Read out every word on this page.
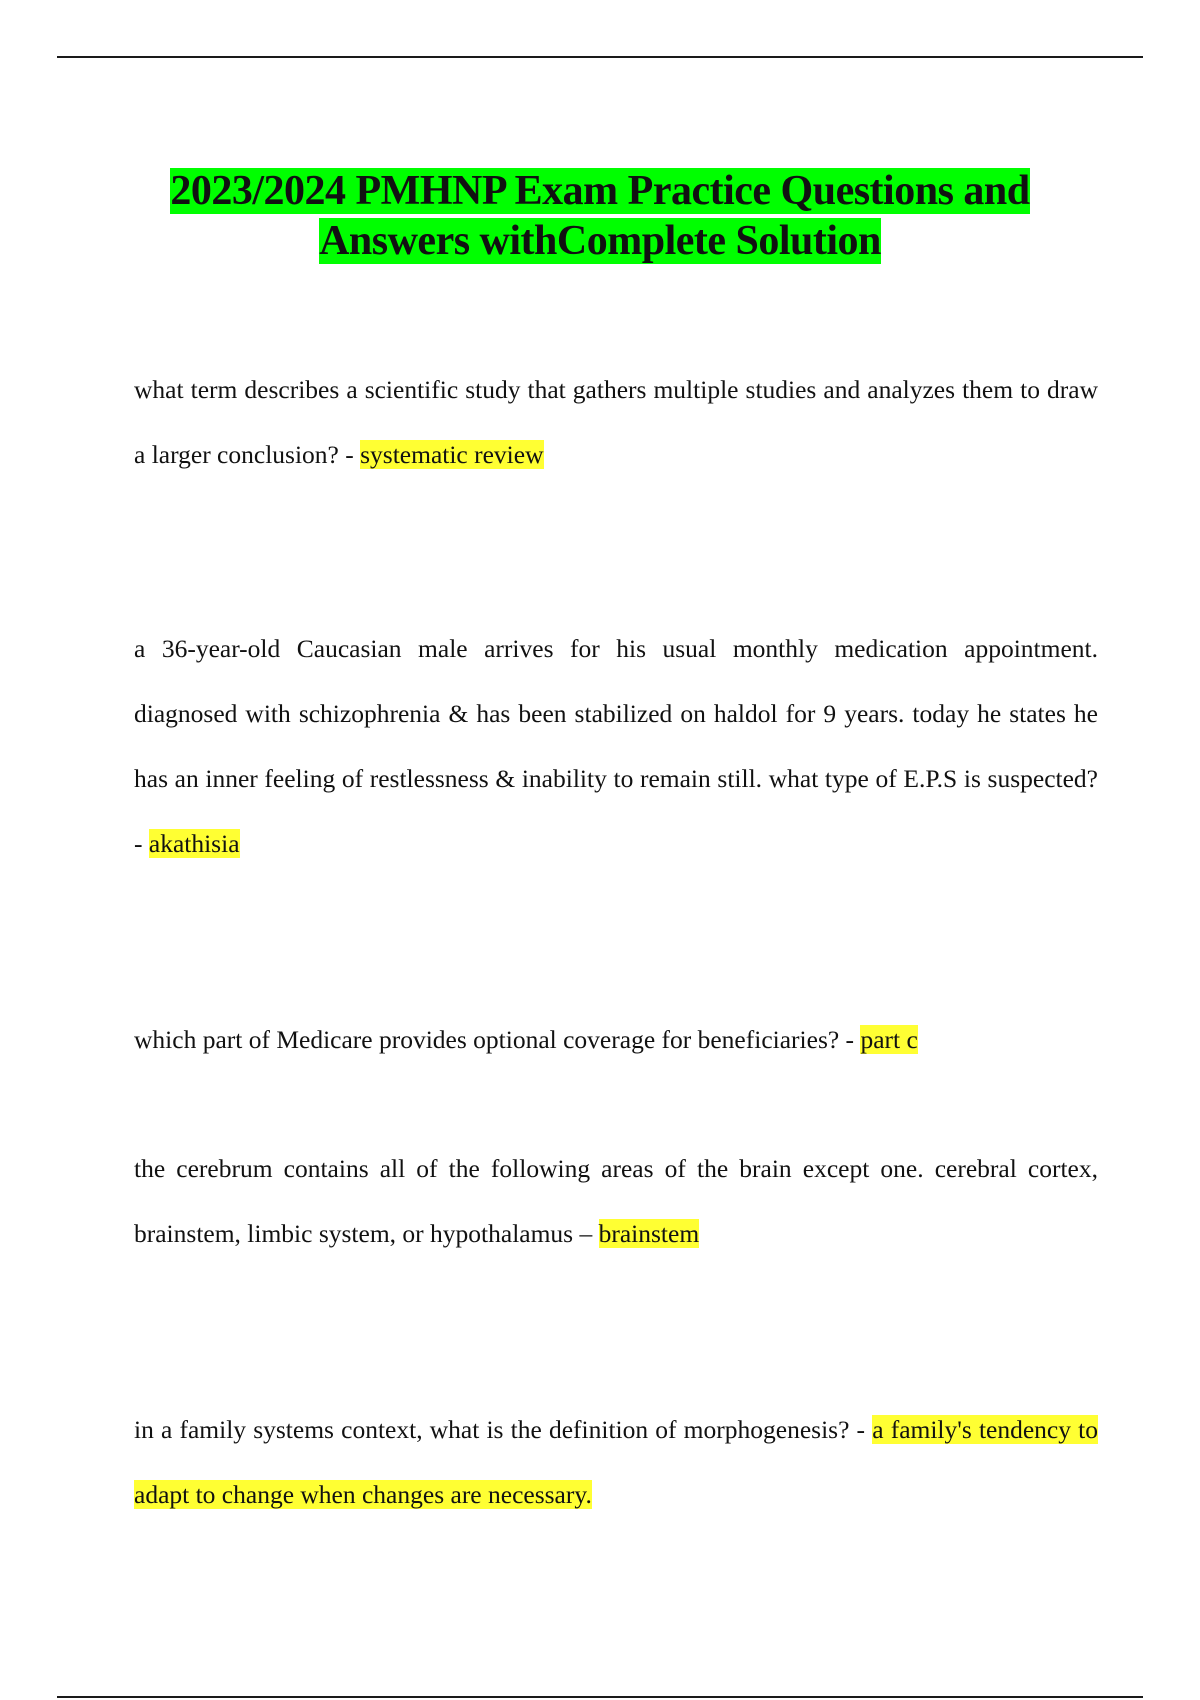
2023/2024 PMHNP Exam Practice Questions and
Answers withComplete Solution

what term describes a scientific study that gathers multiple studies and analyzes them to draw a larger conclusion? - systematic review

a 36-year-old Caucasian male arrives for his usual monthly medication appointment. diagnosed with schizophrenia & has been stabilized on haldol for 9 years. today he states he has an inner feeling of restlessness & inability to remain still. what type of E.P.S is suspected? - akathisia

which part of Medicare provides optional coverage for beneficiaries? - part c

the cerebrum contains all of the following areas of the brain except one. cerebral cortex, brainstem, limbic system, or hypothalamus – brainstem

in a family systems context, what is the definition of morphogenesis? - a family's tendency to adapt to change when changes are necessary.
